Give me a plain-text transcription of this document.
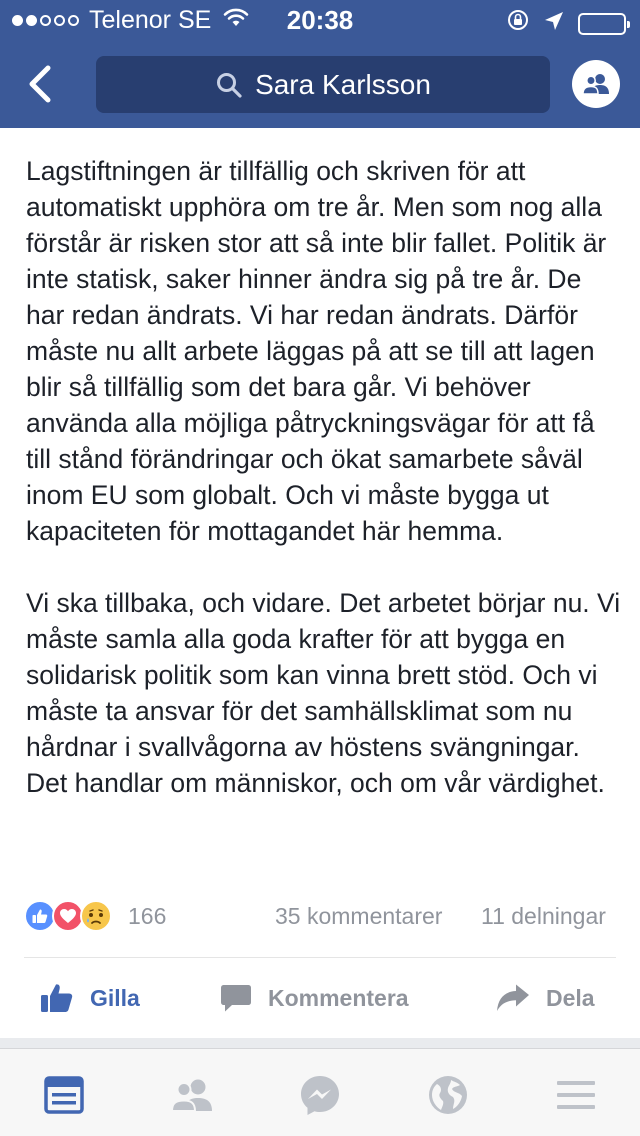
Telenor SE	20:38
Sara Karlsson

Lagstiftningen är tillfällig och skriven för att automatiskt upphöra om tre år. Men som nog alla förstår är risken stor att så inte blir fallet. Politik är inte statisk, saker hinner ändra sig på tre år. De har redan ändrats. Vi har redan ändrats. Därför måste nu allt arbete läggas på att se till att lagen blir så tillfällig som det bara går. Vi behöver använda alla möjliga påtryckningsvägar för att få till stånd förändringar och ökat samarbete såväl inom EU som globalt. Och vi måste bygga ut kapaciteten för mottagandet här hemma.

Vi ska tillbaka, och vidare. Det arbetet börjar nu. Vi måste samla alla goda krafter för att bygga en solidarisk politik som kan vinna brett stöd. Och vi måste ta ansvar för det samhällsklimat som nu hårdnar i svallvågorna av höstens svängningar. Det handlar om människor, och om vår värdighet.

166	35 kommentarer 11 delningar
Gilla	Kommentera	Dela
